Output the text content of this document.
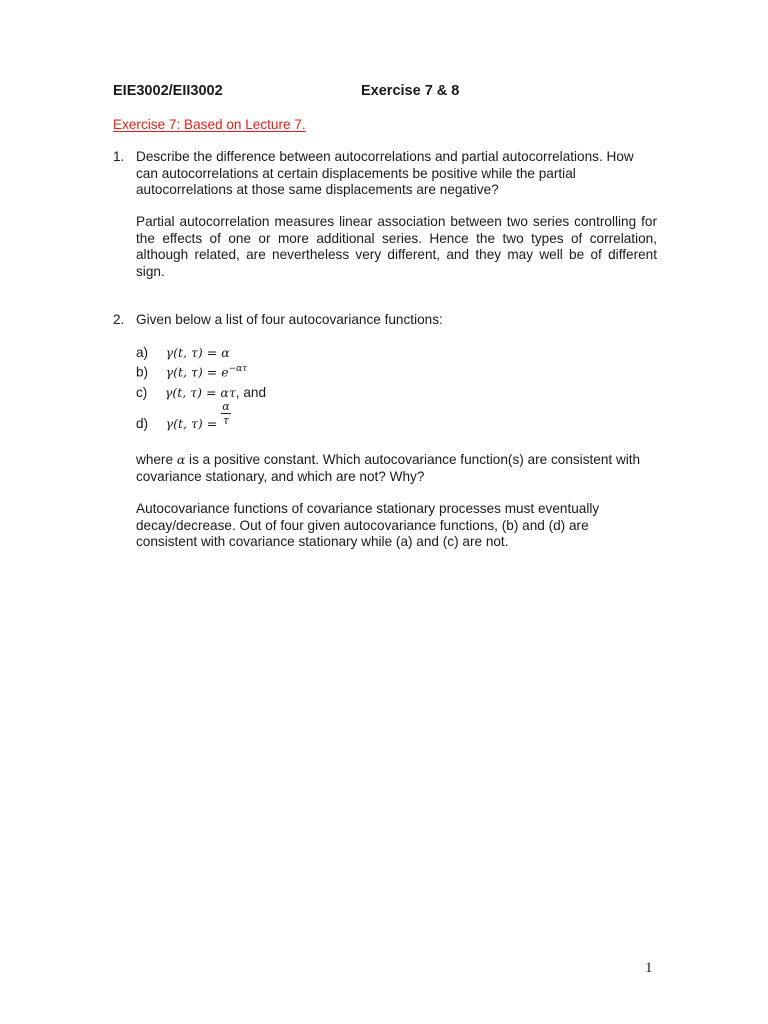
EIE3002/EII3002	Exercise 7 & 8
Exercise 7: Based on Lecture 7.
1. Describe the difference between autocorrelations and partial autocorrelations. How can autocorrelations at certain displacements be positive while the partial autocorrelations at those same displacements are negative?

Partial autocorrelation measures linear association between two series controlling for the effects of one or more additional series. Hence the two types of correlation, although related, are nevertheless very different, and they may well be of different sign.

2. Given below a list of four autocovariance functions:
a) γ(t, τ) = α
b) γ(t, $\tau) = e^{-\alpha\tau}$
c) γ(t, τ) = ατ, and
d) γ(t, $\tau) = \frac{\alpha}{\tau}$

where α is a positive constant. Which autocovariance function(s) are consistent with covariance stationary, and which are not? Why?

Autocovariance functions of covariance stationary processes must eventually decay/decrease. Out of four given autocovariance functions, (b) and (d) are consistent with covariance stationary while (a) and (c) are not.

1
